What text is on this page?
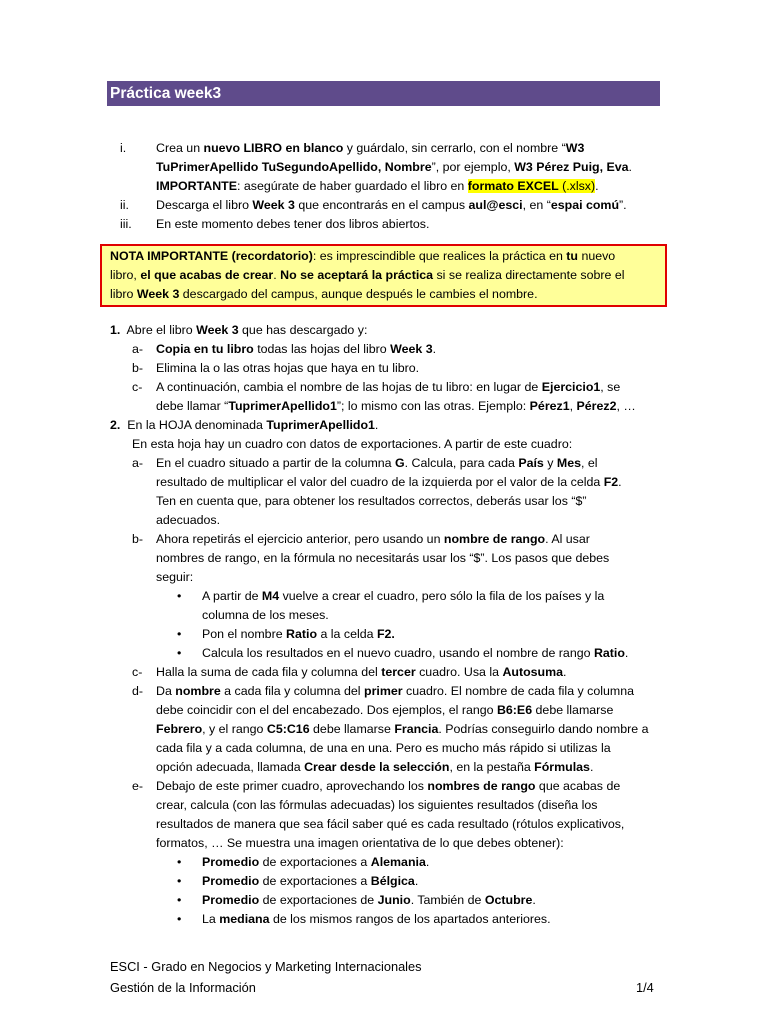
Práctica week3
i.	Crea un nuevo LIBRO en blanco y guárdalo, sin cerrarlo, con el nombre “W3
TuPrimerApellido TuSegundoApellido, Nombre”, por ejemplo, W3 Pérez Puig, Eva.
IMPORTANTE: asegúrate de haber guardado el libro en formato EXCEL (.xlsx).
ii.	Descarga el libro Week 3 que encontrarás en el campus aul@esci, en “espai comú”.
iii.	En este momento debes tener dos libros abiertos.
NOTA IMPORTANTE (recordatorio): es imprescindible que realices la práctica en tu nuevo
libro, el que acabas de crear. No se aceptará la práctica si se realiza directamente sobre el
libro Week 3 descargado del campus, aunque después le cambies el nombre.
1.  Abre el libro Week 3 que has descargado y:
a- Copia en tu libro todas las hojas del libro Week 3.
b- Elimina la o las otras hojas que haya en tu libro.
c- A continuación, cambia el nombre de las hojas de tu libro: en lugar de Ejercicio1, se
debe llamar “TuprimerApellido1”; lo mismo con las otras. Ejemplo: Pérez1, Pérez2, …
2.  En la HOJA denominada TuprimerApellido1.
En esta hoja hay un cuadro con datos de exportaciones. A partir de este cuadro:
a- En el cuadro situado a partir de la columna G. Calcula, para cada País y Mes, el
resultado de multiplicar el valor del cuadro de la izquierda por el valor de la celda F2.
Ten en cuenta que, para obtener los resultados correctos, deberás usar los “$”
adecuados.
b- Ahora repetirás el ejercicio anterior, pero usando un nombre de rango. Al usar
nombres de rango, en la fórmula no necesitarás usar los “$”. Los pasos que debes
seguir:
• A partir de M4 vuelve a crear el cuadro, pero sólo la fila de los países y la
columna de los meses.
• Pon el nombre Ratio a la celda F2.
• Calcula los resultados en el nuevo cuadro, usando el nombre de rango Ratio.
c- Halla la suma de cada fila y columna del tercer cuadro. Usa la Autosuma.
d- Da nombre a cada fila y columna del primer cuadro. El nombre de cada fila y columna
debe coincidir con el del encabezado. Dos ejemplos, el rango B6:E6 debe llamarse
Febrero, y el rango C5:C16 debe llamarse Francia. Podrías conseguirlo dando nombre a
cada fila y a cada columna, de una en una. Pero es mucho más rápido si utilizas la
opción adecuada, llamada Crear desde la selección, en la pestaña Fórmulas.
e- Debajo de este primer cuadro, aprovechando los nombres de rango que acabas de
crear, calcula (con las fórmulas adecuadas) los siguientes resultados (diseña los
resultados de manera que sea fácil saber qué es cada resultado (rótulos explicativos,
formatos, … Se muestra una imagen orientativa de lo que debes obtener):
• Promedio de exportaciones a Alemania.
• Promedio de exportaciones a Bélgica.
• Promedio de exportaciones de Junio. También de Octubre.
• La mediana de los mismos rangos de los apartados anteriores.
ESCI - Grado en Negocios y Marketing Internacionales
Gestión de la Información	1/4
